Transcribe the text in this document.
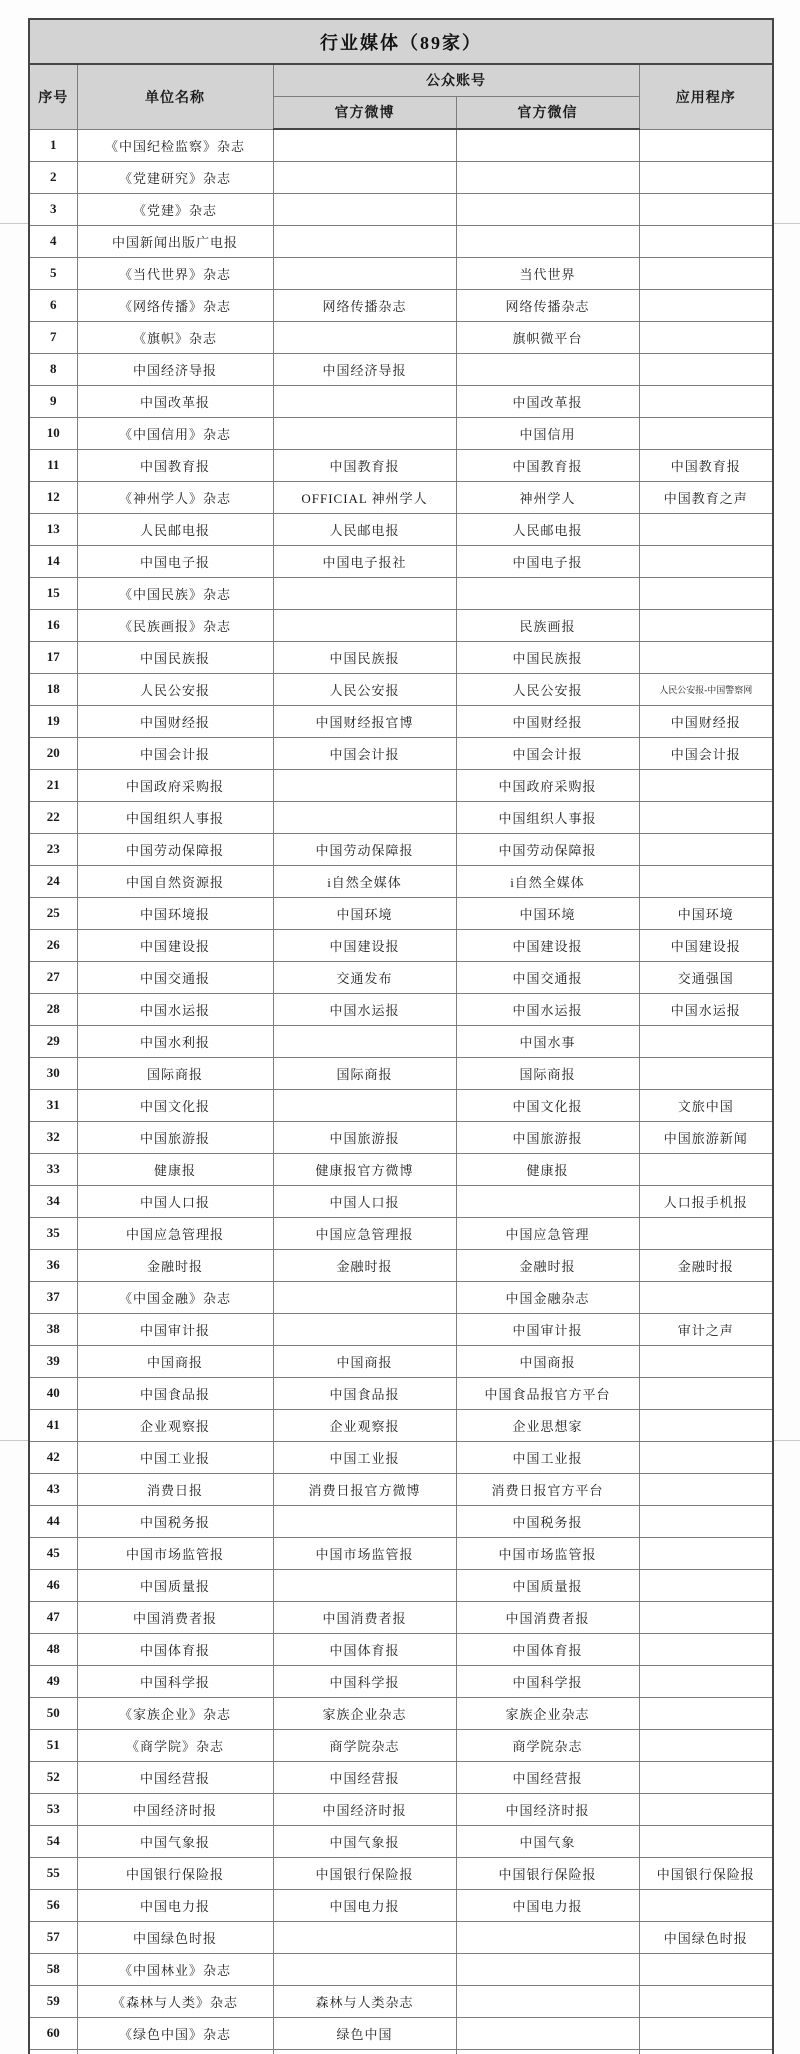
行业媒体（89家）				
序号	单位名称	公众账号		应用程序
		官方微博	官方微信	
1	《中国纪检监察》杂志			
2	《党建研究》杂志			
3	《党建》杂志			
4	中国新闻出版广电报			
5	《当代世界》杂志		当代世界	
6	《网络传播》杂志	网络传播杂志	网络传播杂志	
7	《旗帜》杂志		旗帜微平台	
8	中国经济导报	中国经济导报		
9	中国改革报		中国改革报	
10	《中国信用》杂志		中国信用	
11	中国教育报	中国教育报	中国教育报	中国教育报
12	《神州学人》杂志	OFFICIAL 神州学人	神州学人	中国教育之声
13	人民邮电报	人民邮电报	人民邮电报	
14	中国电子报	中国电子报社	中国电子报	
15	《中国民族》杂志			
16	《民族画报》杂志		民族画报	
17	中国民族报	中国民族报	中国民族报	
18	人民公安报	人民公安报	人民公安报	人民公安报-中国警察网
19	中国财经报	中国财经报官博	中国财经报	中国财经报
20	中国会计报	中国会计报	中国会计报	中国会计报
21	中国政府采购报		中国政府采购报	
22	中国组织人事报		中国组织人事报	
23	中国劳动保障报	中国劳动保障报	中国劳动保障报	
24	中国自然资源报	i自然全媒体	i自然全媒体	
25	中国环境报	中国环境	中国环境	中国环境
26	中国建设报	中国建设报	中国建设报	中国建设报
27	中国交通报	交通发布	中国交通报	交通强国
28	中国水运报	中国水运报	中国水运报	中国水运报
29	中国水利报		中国水事	
30	国际商报	国际商报	国际商报	
31	中国文化报		中国文化报	文旅中国
32	中国旅游报	中国旅游报	中国旅游报	中国旅游新闻
33	健康报	健康报官方微博	健康报	
34	中国人口报	中国人口报		人口报手机报
35	中国应急管理报	中国应急管理报	中国应急管理	
36	金融时报	金融时报	金融时报	金融时报
37	《中国金融》杂志		中国金融杂志	
38	中国审计报		中国审计报	审计之声
39	中国商报	中国商报	中国商报	
40	中国食品报	中国食品报	中国食品报官方平台	
41	企业观察报	企业观察报	企业思想家	
42	中国工业报	中国工业报	中国工业报	
43	消费日报	消费日报官方微博	消费日报官方平台	
44	中国税务报		中国税务报	
45	中国市场监管报	中国市场监管报	中国市场监管报	
46	中国质量报		中国质量报	
47	中国消费者报	中国消费者报	中国消费者报	
48	中国体育报	中国体育报	中国体育报	
49	中国科学报	中国科学报	中国科学报	
50	《家族企业》杂志	家族企业杂志	家族企业杂志	
51	《商学院》杂志	商学院杂志	商学院杂志	
52	中国经营报	中国经营报	中国经营报	
53	中国经济时报	中国经济时报	中国经济时报	
54	中国气象报	中国气象报	中国气象	
55	中国银行保险报	中国银行保险报	中国银行保险报	中国银行保险报
56	中国电力报	中国电力报	中国电力报	
57	中国绿色时报			中国绿色时报
58	《中国林业》杂志			
59	《森林与人类》杂志	森林与人类杂志		
60	《绿色中国》杂志	绿色中国		
